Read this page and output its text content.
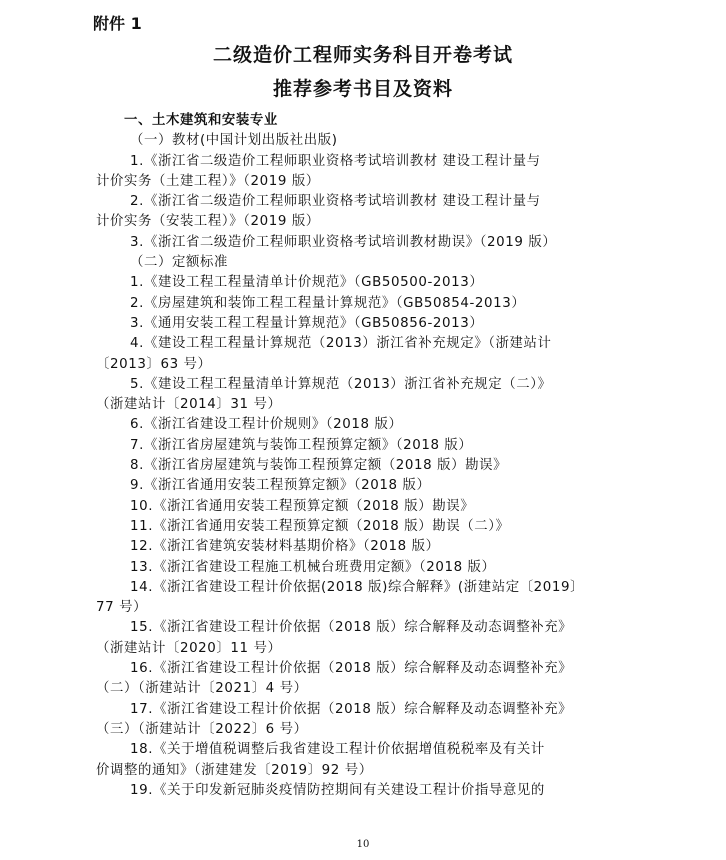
附件 1
二级造价工程师实务科目开卷考试
推荐参考书目及资料
一、土木建筑和安装专业
（一）教材(中国计划出版社出版)
1.《浙江省二级造价工程师职业资格考试培训教材 建设工程计量与
计价实务（土建工程）》（2019 版）
2.《浙江省二级造价工程师职业资格考试培训教材 建设工程计量与
计价实务（安装工程）》（2019 版）
3.《浙江省二级造价工程师职业资格考试培训教材勘误》（2019 版）
（二）定额标准
1.《建设工程工程量清单计价规范》（GB50500-2013）
2.《房屋建筑和装饰工程工程量计算规范》（GB50854-2013）
3.《通用安装工程工程量计算规范》（GB50856-2013）
4.《建设工程工程量计算规范（2013）浙江省补充规定》（浙建站计
〔2013〕63 号）
5.《建设工程工程量清单计算规范（2013）浙江省补充规定（二）》
（浙建站计〔2014〕31 号）
6.《浙江省建设工程计价规则》（2018 版）
7.《浙江省房屋建筑与装饰工程预算定额》（2018 版）
8.《浙江省房屋建筑与装饰工程预算定额（2018 版）勘误》
9.《浙江省通用安装工程预算定额》（2018 版）
10.《浙江省通用安装工程预算定额（2018 版）勘误》
11.《浙江省通用安装工程预算定额（2018 版）勘误（二）》
12.《浙江省建筑安装材料基期价格》（2018 版）
13.《浙江省建设工程施工机械台班费用定额》（2018 版）
14.《浙江省建设工程计价依据(2018 版)综合解释》(浙建站定〔2019〕
77 号）
15.《浙江省建设工程计价依据（2018 版）综合解释及动态调整补充》
（浙建站计〔2020〕11 号）
16.《浙江省建设工程计价依据（2018 版）综合解释及动态调整补充》
（二）（浙建站计〔2021〕4 号）
17.《浙江省建设工程计价依据（2018 版）综合解释及动态调整补充》
（三）（浙建站计〔2022〕6 号）
18.《关于增值税调整后我省建设工程计价依据增值税税率及有关计
价调整的通知》（浙建建发〔2019〕92 号）
19.《关于印发新冠肺炎疫情防控期间有关建设工程计价指导意见的
10
